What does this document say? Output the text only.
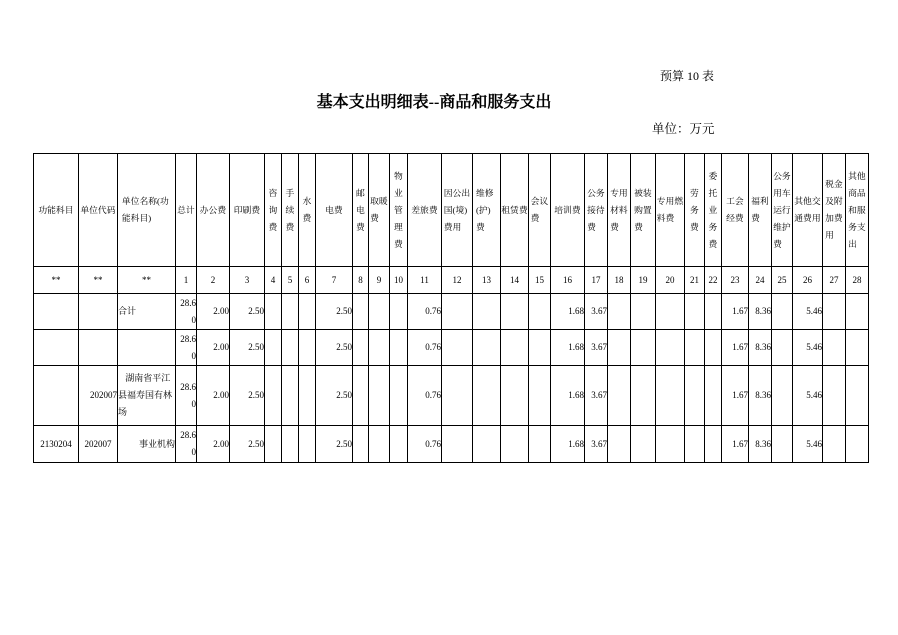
预算 10 表
基本支出明细表--商品和服务支出
单位：万元
功能科目	单位代码	单位名称(功能科目)	总计	办公费	印刷费	咨询费	手续费	水费	电费	邮电费	取暖费	物业管理费	差旅费	因公出国(境)费用	维修(护)费	租赁费	会议费	培训费	公务接待费	专用材料费	被装购置费	专用燃料费	劳务费	委托业务费	工会经费	福利费	公务用车运行维护费	其他交通费用	税金及附加费用	其他商品和服务支出
**	**	**	1	2	3	4	5	6	7	8	9	10	11	12	13	14	15	16	17	18	19	20	21	22	23	24	25	26	27	28
		合计	28.60	2.00	2.50				2.50				0.76					1.68	3.67						1.67	8.36		5.46		
			28.60	2.00	2.50				2.50				0.76					1.68	3.67						1.67	8.36		5.46		
	202007	湖南省平江县福寿国有林场	28.60	2.00	2.50				2.50				0.76					1.68	3.67						1.67	8.36		5.46		
2130204	202007	事业机构	28.60	2.00	2.50				2.50				0.76					1.68	3.67						1.67	8.36		5.46		
